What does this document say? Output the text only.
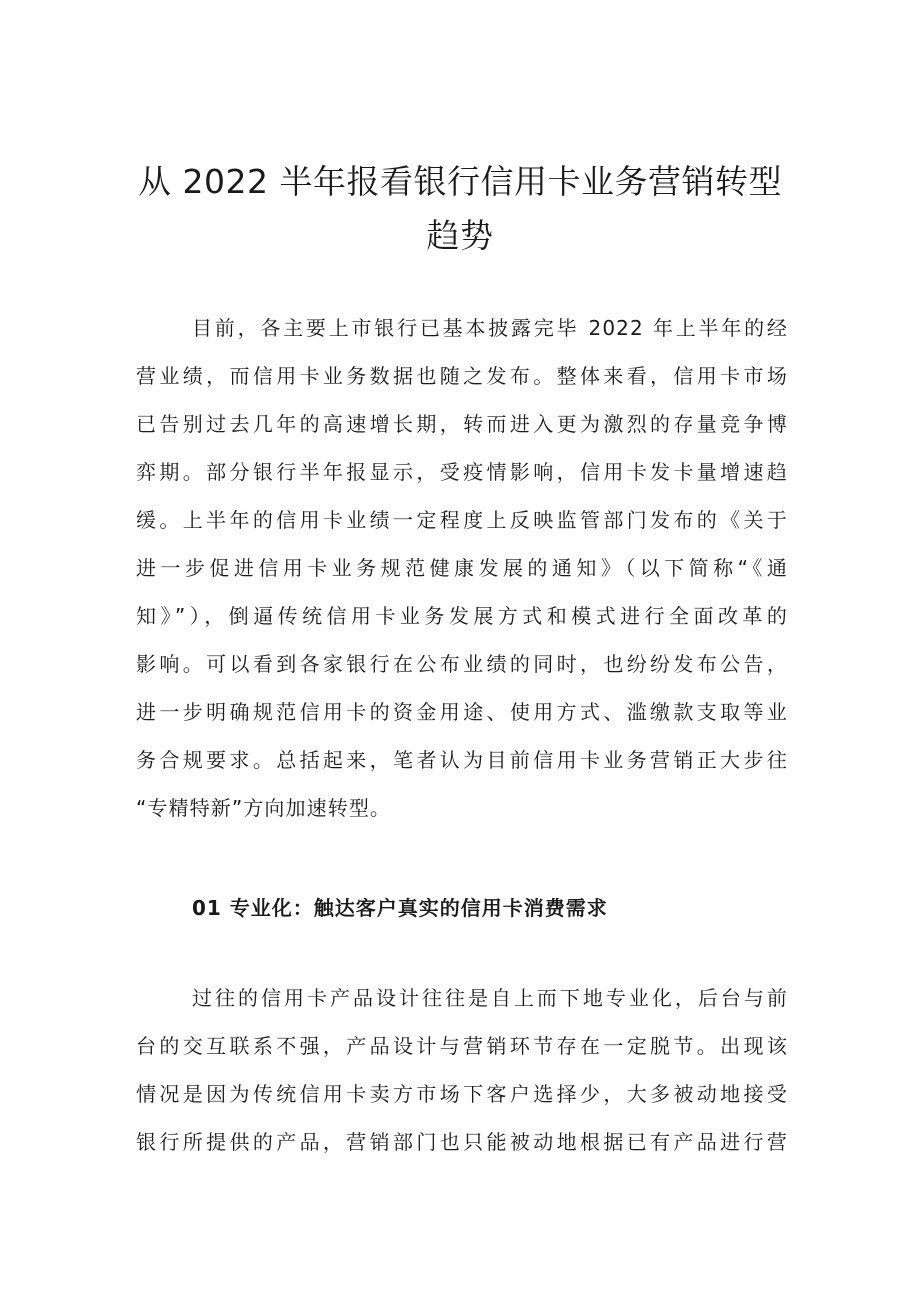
从 2022 半年报看银行信用卡业务营销转型
趋势
目前，各主要上市银行已基本披露完毕 2022 年上半年的经
营业绩，而信用卡业务数据也随之发布。整体来看，信用卡市场
已告别过去几年的高速增长期，转而进入更为激烈的存量竞争博
弈期。部分银行半年报显示，受疫情影响，信用卡发卡量增速趋
缓。上半年的信用卡业绩一定程度上反映监管部门发布的《关于
进一步促进信用卡业务规范健康发展的通知》（以下简称“《通
知》”），倒逼传统信用卡业务发展方式和模式进行全面改革的
影响。可以看到各家银行在公布业绩的同时，也纷纷发布公告，
进一步明确规范信用卡的资金用途、使用方式、滥缴款支取等业
务合规要求。总括起来，笔者认为目前信用卡业务营销正大步往
“专精特新”方向加速转型。
01 专业化：触达客户真实的信用卡消费需求
过往的信用卡产品设计往往是自上而下地专业化，后台与前
台的交互联系不强，产品设计与营销环节存在一定脱节。出现该
情况是因为传统信用卡卖方市场下客户选择少，大多被动地接受
银行所提供的产品，营销部门也只能被动地根据已有产品进行营
